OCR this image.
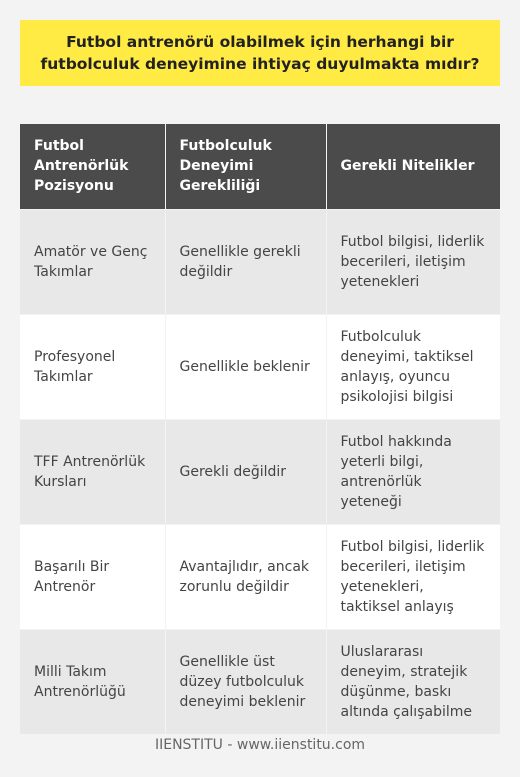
Futbol antrenörü olabilmek için herhangi bir futbolculuk deneyimine ihtiyaç duyulmakta mıdır?
Futbol Antrenörlük Pozisyonu	Futbolculuk Deneyimi Gerekliliği	Gerekli Nitelikler
Amatör ve Genç Takımlar	Genellikle gerekli değildir	Futbol bilgisi, liderlik becerileri, iletişim yetenekleri
Profesyonel Takımlar	Genellikle beklenir	Futbolculuk deneyimi, taktiksel anlayış, oyuncu psikolojisi bilgisi
TFF Antrenörlük Kursları	Gerekli değildir	Futbol hakkında yeterli bilgi, antrenörlük yeteneği
Başarılı Bir Antrenör	Avantajlıdır, ancak zorunlu değildir	Futbol bilgisi, liderlik becerileri, iletişim yetenekleri, taktiksel anlayış
Milli Takım Antrenörlüğü	Genellikle üst düzey futbolculuk deneyimi beklenir	Uluslararası deneyim, stratejik düşünme, baskı altında çalışabilme
IIENSTITU - www.iienstitu.com
